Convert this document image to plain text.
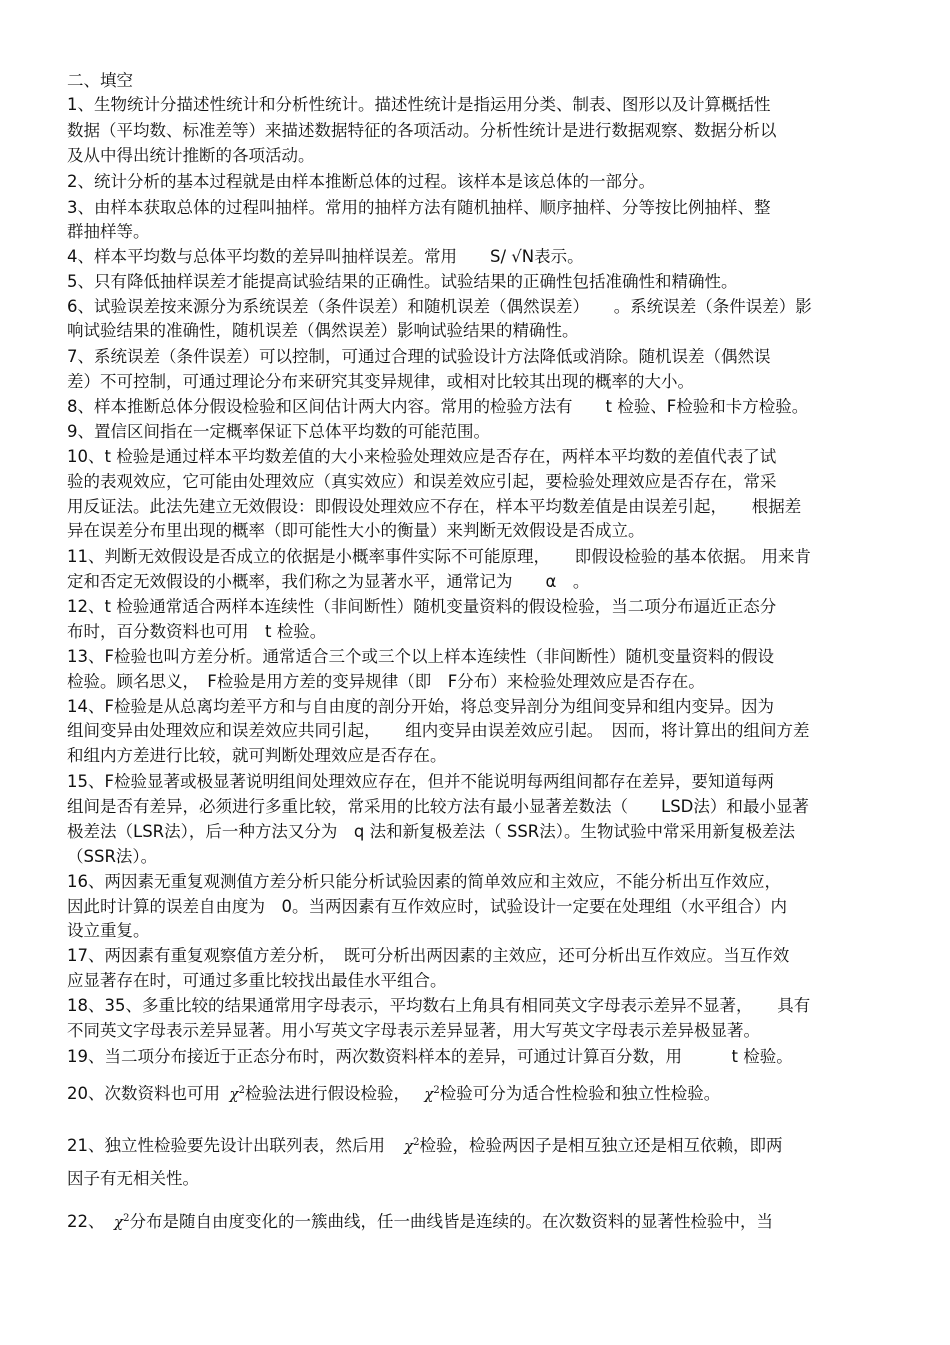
二、填空
1、生物统计分描述性统计和分析性统计。描述性统计是指运用分类、制表、图形以及计算概括性
数据（平均数、标准差等）来描述数据特征的各项活动。分析性统计是进行数据观察、数据分析以
及从中得出统计推断的各项活动。
2、统计分析的基本过程就是由样本推断总体的过程。该样本是该总体的一部分。
3、由样本获取总体的过程叫抽样。常用的抽样方法有随机抽样、顺序抽样、分等按比例抽样、整
群抽样等。
4、样本平均数与总体平均数的差异叫抽样误差。常用　　S/ √N表示。
5、只有降低抽样误差才能提高试验结果的正确性。试验结果的正确性包括准确性和精确性。
6、试验误差按来源分为系统误差（条件误差）和随机误差（偶然误差）　　。系统误差（条件误差）影
响试验结果的准确性，随机误差（偶然误差）影响试验结果的精确性。
7、系统误差（条件误差）可以控制，可通过合理的试验设计方法降低或消除。随机误差（偶然误
差）不可控制，可通过理论分布来研究其变异规律，或相对比较其出现的概率的大小。
8、样本推断总体分假设检验和区间估计两大内容。常用的检验方法有　　t 检验、F检验和卡方检验。
9、置信区间指在一定概率保证下总体平均数的可能范围。
10、t 检验是通过样本平均数差值的大小来检验处理效应是否存在，两样本平均数的差值代表了试
验的表观效应，它可能由处理效应（真实效应）和误差效应引起，要检验处理效应是否存在，常采
用反证法。此法先建立无效假设：即假设处理效应不存在，样本平均数差值是由误差引起，　　根据差
异在误差分布里出现的概率（即可能性大小的衡量）来判断无效假设是否成立。
11、判断无效假设是否成立的依据是小概率事件实际不可能原理，　　即假设检验的基本依据。 用来肯
定和否定无效假设的小概率，我们称之为显著水平，通常记为　　α　。
12、t 检验通常适合两样本连续性（非间断性）随机变量资料的假设检验，当二项分布逼近正态分
布时，百分数资料也可用　t 检验。
13、F检验也叫方差分析。通常适合三个或三个以上样本连续性（非间断性）随机变量资料的假设
检验。顾名思义，　F检验是用方差的变异规律（即　F分布）来检验处理效应是否存在。
14、F检验是从总离均差平方和与自由度的剖分开始，将总变异剖分为组间变异和组内变异。因为
组间变异由处理效应和误差效应共同引起，　　组内变异由误差效应引起。　因而，将计算出的组间方差
和组内方差进行比较，就可判断处理效应是否存在。
15、F检验显著或极显著说明组间处理效应存在，但并不能说明每两组间都存在差异，要知道每两
组间是否有差异，必须进行多重比较，常采用的比较方法有最小显著差数法（　　LSD法）和最小显著
极差法（LSR法），后一种方法又分为　q 法和新复极差法（ SSR法）。生物试验中常采用新复极差法
（SSR法）。
16、两因素无重复观测值方差分析只能分析试验因素的简单效应和主效应，不能分析出互作效应，
因此时计算的误差自由度为　0。当两因素有互作效应时，试验设计一定要在处理组（水平组合）内
设立重复。
17、两因素有重复观察值方差分析，　既可分析出两因素的主效应，还可分析出互作效应。当互作效
应显著存在时，可通过多重比较找出最佳水平组合。
18、35、多重比较的结果通常用字母表示，平均数右上角具有相同英文字母表示差异不显著，　　具有
不同英文字母表示差异显著。用小写英文字母表示差异显著，用大写英文字母表示差异极显著。
19、当二项分布接近于正态分布时，两次数资料样本的差异，可通过计算百分数，用　　　t 检验。
20、次数资料也可用 $\chi^2$检验法进行假设检验， $\chi^2$检验可分为适合性检验和独立性检验。
21、独立性检验要先设计出联列表，然后用 $\chi^2$检验，检验两因子是相互独立还是相互依赖，即两
因子有无相关性。
22、 $\chi^2$分布是随自由度变化的一簇曲线，任一曲线皆是连续的。在次数资料的显著性检验中，当
